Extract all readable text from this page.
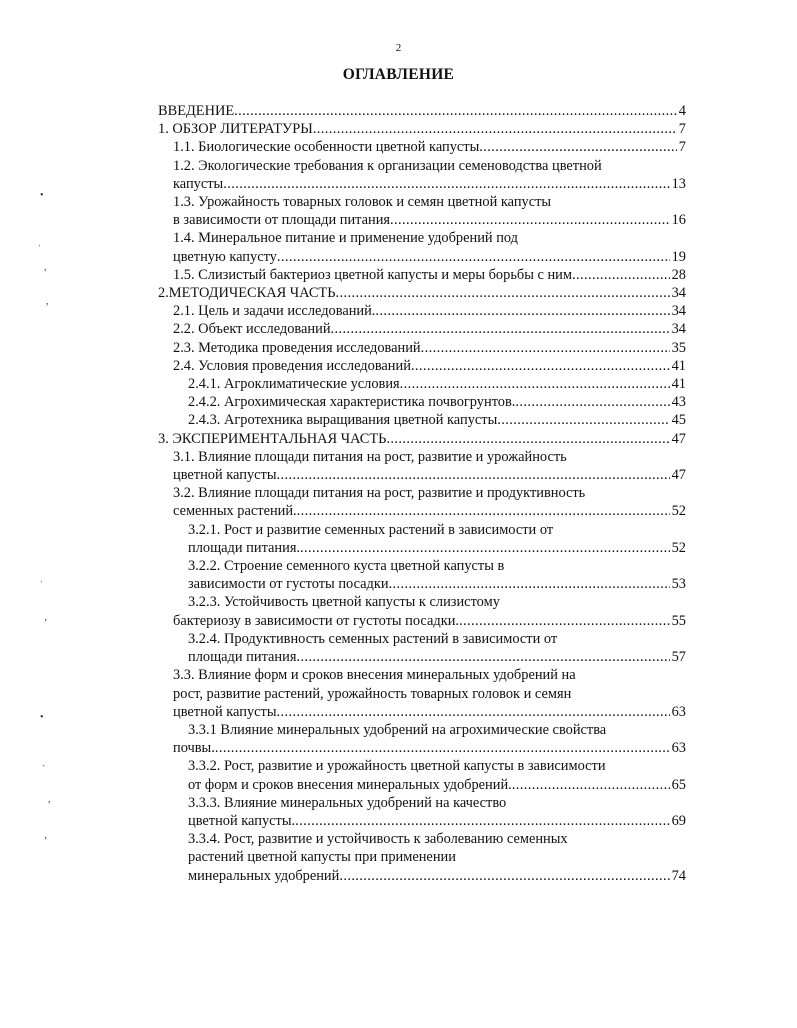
2
ОГЛАВЛЕНИЕ
ВВЕДЕНИЕ . . .	4
1. ОБЗОР ЛИТЕРАТУРЫ . . .	7
1.1. Биологические особенности цветной капусты . . .	7
1.2. Экологические требования к организации семеноводства цветной
капусты . . .	13
1.3. Урожайность товарных головок и семян цветной капусты
в зависимости от площади питания . . .	16
1.4. Минеральное питание и применение удобрений под
цветную капусту . . .	19
1.5. Слизистый бактериоз цветной капусты и меры борьбы с ним . . .	28
2.МЕТОДИЧЕСКАЯ ЧАСТЬ . . .	34
2.1. Цель и задачи исследований. . . .	34
2.2. Объект исследований . . .	34
2.3. Методика проведения исследований . . .	35
2.4. Условия проведения исследований . . .	41
2.4.1. Агроклиматические условия . . .	41
2.4.2. Агрохимическая характеристика почвогрунтов. . . .	43
2.4.3. Агротехника выращивания цветной капусты . . .	45
3. ЭКСПЕРИМЕНТАЛЬНАЯ ЧАСТЬ . . .	47
3.1. Влияние площади питания на рост, развитие и урожайность
цветной капусты . . .	47
3.2. Влияние площади питания на рост, развитие и продуктивность
семенных растений. . . .	52
3.2.1. Рост и развитие семенных растений в зависимости от
площади питания. . . .	52
3.2.2. Строение семенного куста цветной капусты в
зависимости от густоты посадки . . .	53
3.2.3. Устойчивость цветной капусты к слизистому
бактериозу в зависимости от густоты посадки. . . .	55
3.2.4. Продуктивность семенных растений в зависимости от
площади питания . . .	57
3.3. Влияние форм и сроков внесения минеральных удобрений на
рост, развитие растений, урожайность товарных головок и семян
цветной капусты . . .	63
3.3.1 Влияние минеральных удобрений на агрохимические свойства
почвы. . . .	63
3.3.2. Рост, развитие и урожайность цветной капусты в зависимости
от форм и сроков внесения минеральных удобрений. . . .	65
3.3.3. Влияние минеральных удобрений на качество
цветной капусты. . . .	69
3.3.4. Рост, развитие и устойчивость к заболеванию семенных
растений цветной капусты при применении
минеральных удобрений . . .	74
•
ˌ
,
,
ˌ
‚
•
ˏ
,
‚
